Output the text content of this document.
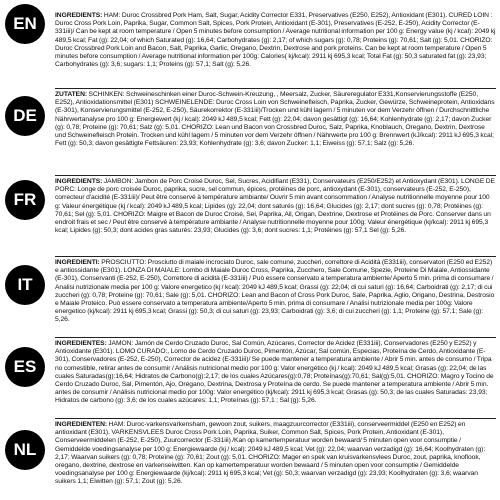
EN	INGREDIENTS: HAM: Duroc Crossbred Pork Ham, Salt, Sugar, Acidity Corrector E331, Preservatives (E250, E252), Antioxidant (E301). CURED LOIN : Duroc Cross Pork Loin, Paprika, Sugar, Common Salt, Spices, Pork Protein, Antioxidant (E-301), Preservatives (E-252, E-250), Acidity Corrector (E-331iii)/ Can be kept at room temperature / Open 5 minutes before consumption / Average nutritional information per 100 g: Energy value (kj / kcal): 2049 kj 489,5 kcal; Fat (g): 22,04; of which Saturated (g): 16,64; Carbohydrates (g): 2,17; of which sugars (g): 0,78; Proteins (g): 70,61; Salt (g): 5,01. CHORIZO: Duroc Crossbred Pork Loin and Bacon, Salt, Paprika, Garlic, Oregano, Dextrin, Dextrose and pork proteins. Can be kept at room temperature / Open 5 minutes before consumption / Average nutritional information per 100g: Calories( kj/kcal): 2911 kj 695,3 kcal; Total Fat (g): 50,3 saturated fat (g): 23,93; Carbohydrates (g): 3,6; sugars: 1,1; Proteins (g): 57,1; Salt (g): 5,26.
DE
ZUTATEN: SCHINKEN: Schweineschinken einer Duroc-Schwein-Kreuzung, , Meersalz, Zucker, Säureregulator E331,Konservierungsstoffe (E250, E252), Antioxidationsmittel (E301) SCHWEINELENDE: Duroc Cross Loin von Schweinefleisch, Paprika, Zucker, Gewürze, Schweineprotein, Antioxidans (E-301), Konservierungsmittel (E-252, E-250), Säurekorrektor (E-331iii)/Trocken und kühl lagern / 5 minuten vor dem Verzehr öffnen / Durchschnittliche Nährwertanalyse pro 100 g: Energiewert (kj / kcal): 2049 kJ 489,5 kcal; Fett (g): 22,04; davon gesättigt (g): 16,64; Kohlenhydrate (g): 2,17; davon Zucker (g): 0,78; Proteine (g): 70,61; Salz (g): 5,01. CHORIZO: Lean und Bacon von Crossbred Duroc, Salz, Paprika, Knoblauch, Oregano, Dextrin, Dextrose und Schweinefleisch Protein. Trocken und kühl lagern / 5 minuten vor dem Verzehr öffnen / Nährwerte pro 100 g: Brennwert (kJ/kcal): 2911 kJ 695,3 kcal; Fett (g): 50,3; davon gesättigte Fettsäuren: 23,93; Kohlenhydrate (g): 3,6; davon Zucker: 1,1; Eiweiss (g): 57,1; Salz (g): 5,26.
FR
INGRÉDIENTS: JAMBON: Jambon de Porc Croisé Duroc, Sel, Sucres, Acidifiant (E331), Conservateurs (E250/E252) et Antioxydant (E301). LONGE DE PORC: Longe de porc croisée Duroc, paprika, sucre, sel commun, épices, protéines de porc, antioxydant (E-301), conservateurs (E-252, E-250), correcteur d'acidité (E-331iii)/ Peut être conservé à température ambiante/ Ouvrir 5 min avant consommation / Analyse nutritionnelle moyenne pour 100 g: Valeur énergétique (kj / kcal): 2049 kJ 489,5 kcal; Lipides (g): 22,04; dont saturés (g): 16,64; Glucides (g): 2,17; dont sucres (g): 0,78; Protéines (g): 70,61; Sel (g): 5,01. CHORIZO: Maigre et Bacon de Duroc Croisé, Sel, Paprika, Ail, Origan, Dextrine, Dextrose et Protéines de Porc. Conserver dans un endroit frais et sec / Peut être conservé à température ambiante / Analyse nutritionnelle moyenne pour 100g: Valeur énergétique (kj/kcal): 2911 kj 695,3 kcal; Lipides (g): 50,3; dont acides gras saturés: 23,93; Glucides (g): 3,6; dont sucres: 1,1; Protéines (g): 57,1 Sel (g): 5,26.
IT
INGREDIENTI: PROSCIUTTO: Prosciutto di maiale incrociato Duroc, sale comune, zuccheri, correttore di Acidità (E331iii), conservatori (E250 ed E252) e antiossidante (E301). LONZA DI MAIALE: Lombo di Maiale Duroc Cross, Paprika, Zucchero, Sale Comune, Spezie, Proteine Di Maiale, Antiossidante (E-301), Conservanti (E-252, E-250), Correttore di acidità (E-331iii) / Può essere conservato a temperatura ambiente/ Aperto 5 min. prima di consumare / Analisi nutrizionale media per 100 g: Valore energetico (kj / kcal): 2049 kJ 489,5 kcal; Grassi (g): 22,04; di cui saturi (g): 16,64; Carboidrati (g): 2,17; di cui zuccheri (g): 0,78; Proteine (g): 70,61; Sale (g): 5,01. CHORIZO: Lean and Bacon of Cross Pork Duroc, Sale, Paprika, Aglio, Origano, Destrina, Destrosio e Maiale Proteico. Può essere conservato a temperatura ambiente/Aperto 5 min. prima di consumare / Analisi nutrizionale media per 100g: Valore energetico (kj/kcal): 2911 kj 695,3 kcal; Grassi (g): 50,3; di cui saturi (g): 23,93; Carboidrati (g): 3,6; di cui zuccheri (g): 1,1; Proteine (g): 57,1; Sale (g): 5,26.
ES
INGREDIENTES: JAMÓN: Jamón de Cerdo Cruzado Duroc, Sal Común, Azúcares, Corrector de Acidez (E331iii), Conservadores (E250 y E252) y Antioxidante (E301). LOMO CURADO:, Lomo de Cerdo Cruzado Duroc, Pimentón, Azúcar, Sal común, Especias, Proteína de Cerdo, Antioxidante (E-301), Conservadores (E-252, E-250), Corrector de acidez (E-331iii)/ Se puede mantener a temperatura ambiente / Abrir 5 min. antes de consumo / Tripa no comestible, retirar antes de consumir / Análisis nutricional medio por 100 g: Valor energético (kj / kcal): 2049 kJ 489,5 kcal; Grasas (g): 22,04; de las cuales Saturadas(g):16,64; Hidratos de Carbono(g):2,17; de los cuales Azúcares(g):0,78; Proteínas(g):70,61; Sal(g):5,01. CHORIZO: Magro y Tocino de Cerdo Cruzado Duroc, Sal, Pimentón, Ajo, Orégano, Dextrina, Dextrosa y Proteína de cerdo. Se puede mantener a temperatura ambiente / Abrir 5 min. antes de consumir / Análisis nutricional medio por 100g: Valor energético (kj/kcal): 2911 kj 695,3 kcal; Grasas (g): 50,3; de las cuales Saturadas: 23,93; Hidratos de carbono (g): 3,6; de los cuales azúcares: 1,1; Proteínas (g): 57,1 ; Sal (g): 5,26.
NL
INGREDIENTEN: HAM: Duroc-varkensvarkensham, gewoon zout, suikers, maagzuurcorrector (E331iii), conserveermiddel (E250 en E252) en antioxidant (E301). VARKENSVLEES Duroc Cross Pork Loin, Paprika, Suiker, Common Salt, Spices, Pork Protein, Antioxidant (E-301), Conserveermiddelen (E-252, E-250), Zuurcorrector (E-331iii) /Kan op kamertemperatuur worden bewaard/ 5 minuten open voor consumptie / Gemiddelde voedingsanalyse per 100 g: Energiewaarde (kj / kcal): 2049 kJ 489,5 kcal; Vet (g): 22,04; waarvan verzadigd (g): 16,64; Koolhydraten (g): 2,17; Waarvan suikers (g): 0,78; Proteïne (g): 70,61; Zout (g): 5,01. CHORIZO: Mager en spek van kruisvarkensvlees Duroc, zout, paprika, knoflook, oregano, dextrine, dextrose en varkenseiwitten. Kan op kamertemperatuur worden bewaard / 5 minuten open voor consumptie / Gemiddelde voedingsanalyse per 100 g: Energiewaarde (kj/kcal): 2911 kj 695,3 kcal; Vet (g): 50,3; waarvan verzadigd (g): 23,93; Koolhydraten (g): 3,6; waarvan suikers 1,1; Eiwitten (g): 57,1; Zout (g): 5,26.
